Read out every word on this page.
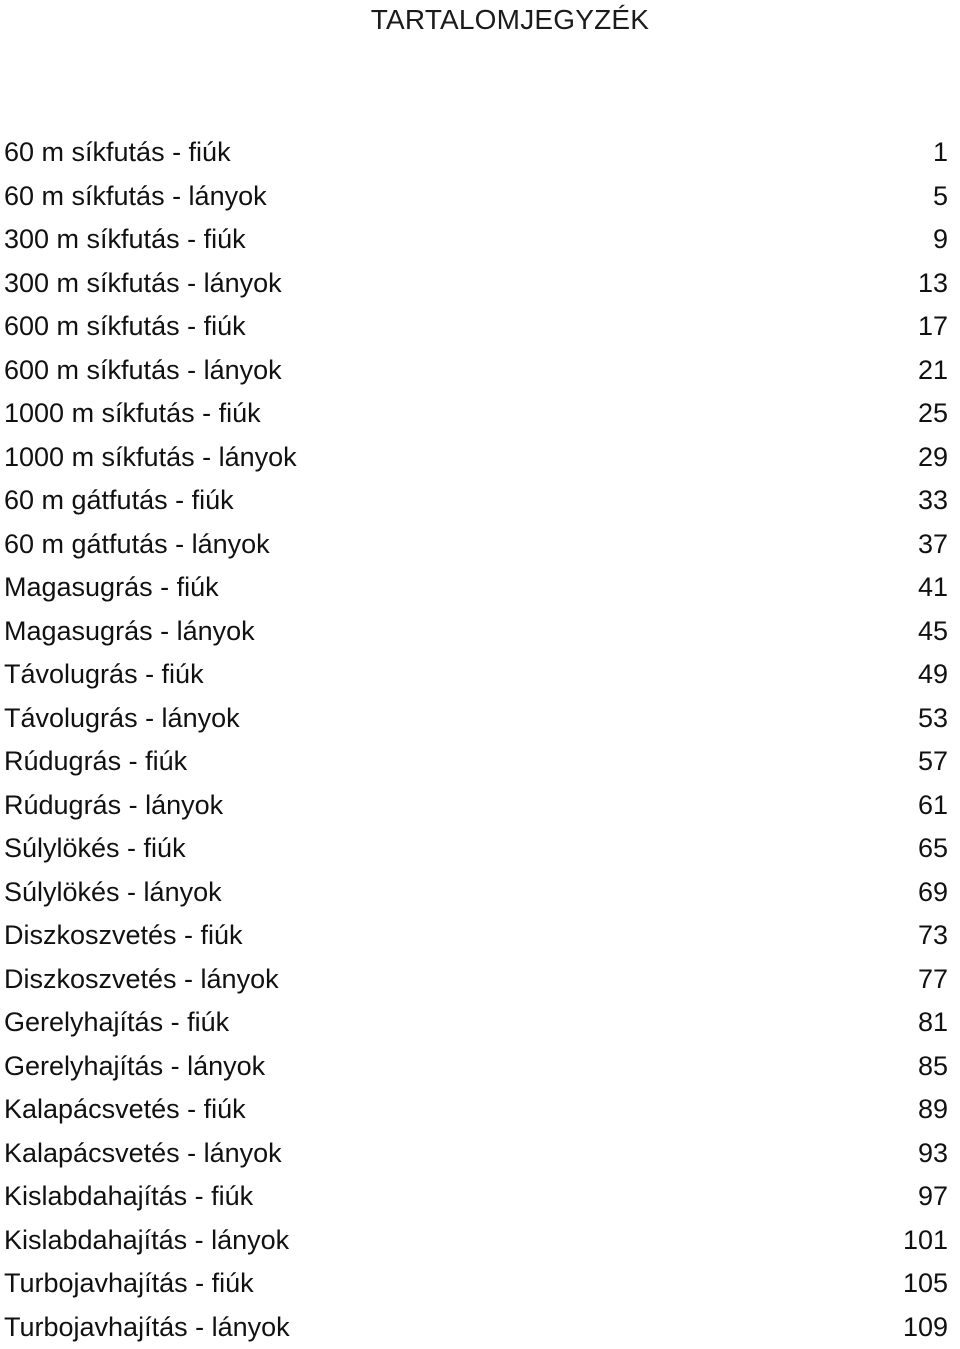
TARTALOMJEGYZÉK
60 m síkfutás - fiúk	1
60 m síkfutás - lányok	5
300 m síkfutás - fiúk	9
300 m síkfutás - lányok	13
600 m síkfutás - fiúk	17
600 m síkfutás - lányok	21
1000 m síkfutás - fiúk	25
1000 m síkfutás - lányok	29
60 m gátfutás - fiúk	33
60 m gátfutás - lányok	37
Magasugrás - fiúk	41
Magasugrás - lányok	45
Távolugrás - fiúk	49
Távolugrás - lányok	53
Rúdugrás - fiúk	57
Rúdugrás - lányok	61
Súlylökés - fiúk	65
Súlylökés - lányok	69
Diszkoszvetés - fiúk	73
Diszkoszvetés - lányok	77
Gerelyhajítás - fiúk	81
Gerelyhajítás - lányok	85
Kalapácsvetés - fiúk	89
Kalapácsvetés - lányok	93
Kislabdahajítás - fiúk	97
Kislabdahajítás - lányok	101
Turbojavhajítás - fiúk	105
Turbojavhajítás - lányok	109
